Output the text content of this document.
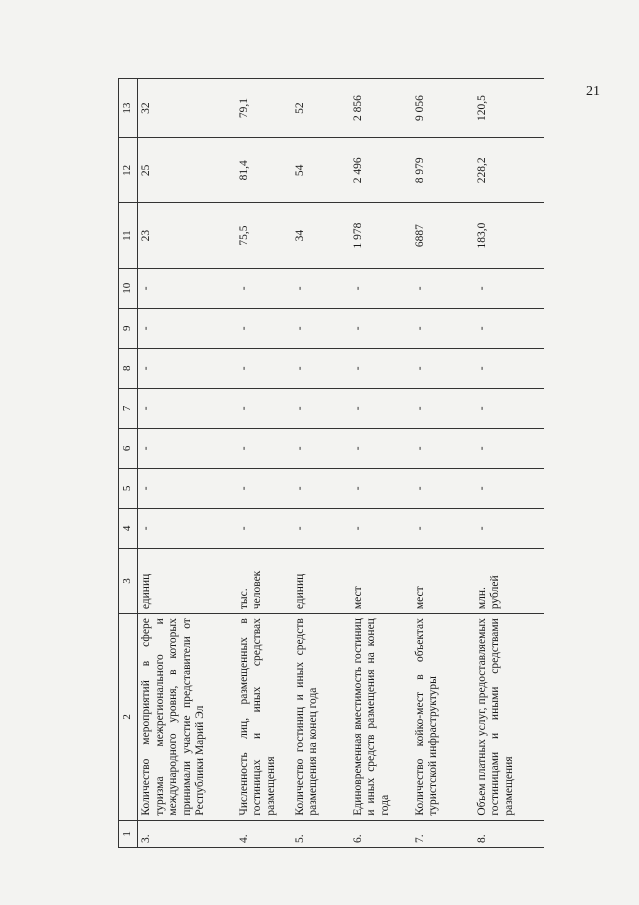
21
1	2	3	4	5	6	7	8	9	10	11	12	13
3.	Количество мероприятий в сфере туризма межрегионального и международного уровня, в которых принимали участие представители от Республики Марий Эл	единиц	-	-	-	-	-	-	-	23	25	32
4.	Численность лиц, размещенных в гостиницах и иных средствах размещения	тыс. человек	-	-	-	-	-	-	-	75,5	81,4	79,1
5.	Количество гостиниц и иных средств размещения на конец года	единиц	-	-	-	-	-	-	-	34	54	52
6.	Единовременная вместимость гостиниц и иных средств размещения на конец года	мест	-	-	-	-	-	-	-	1 978	2 496	2 856
7.	Количество койко-мест в объектах туристской инфраструктуры	мест	-	-	-	-	-	-	-	6887	8 979	9 056
8.	Объем платных услуг, предоставляемых гостиницами и иными средствами размещения	млн. рублей	-	-	-	-	-	-	-	183,0	228,2	120,5
